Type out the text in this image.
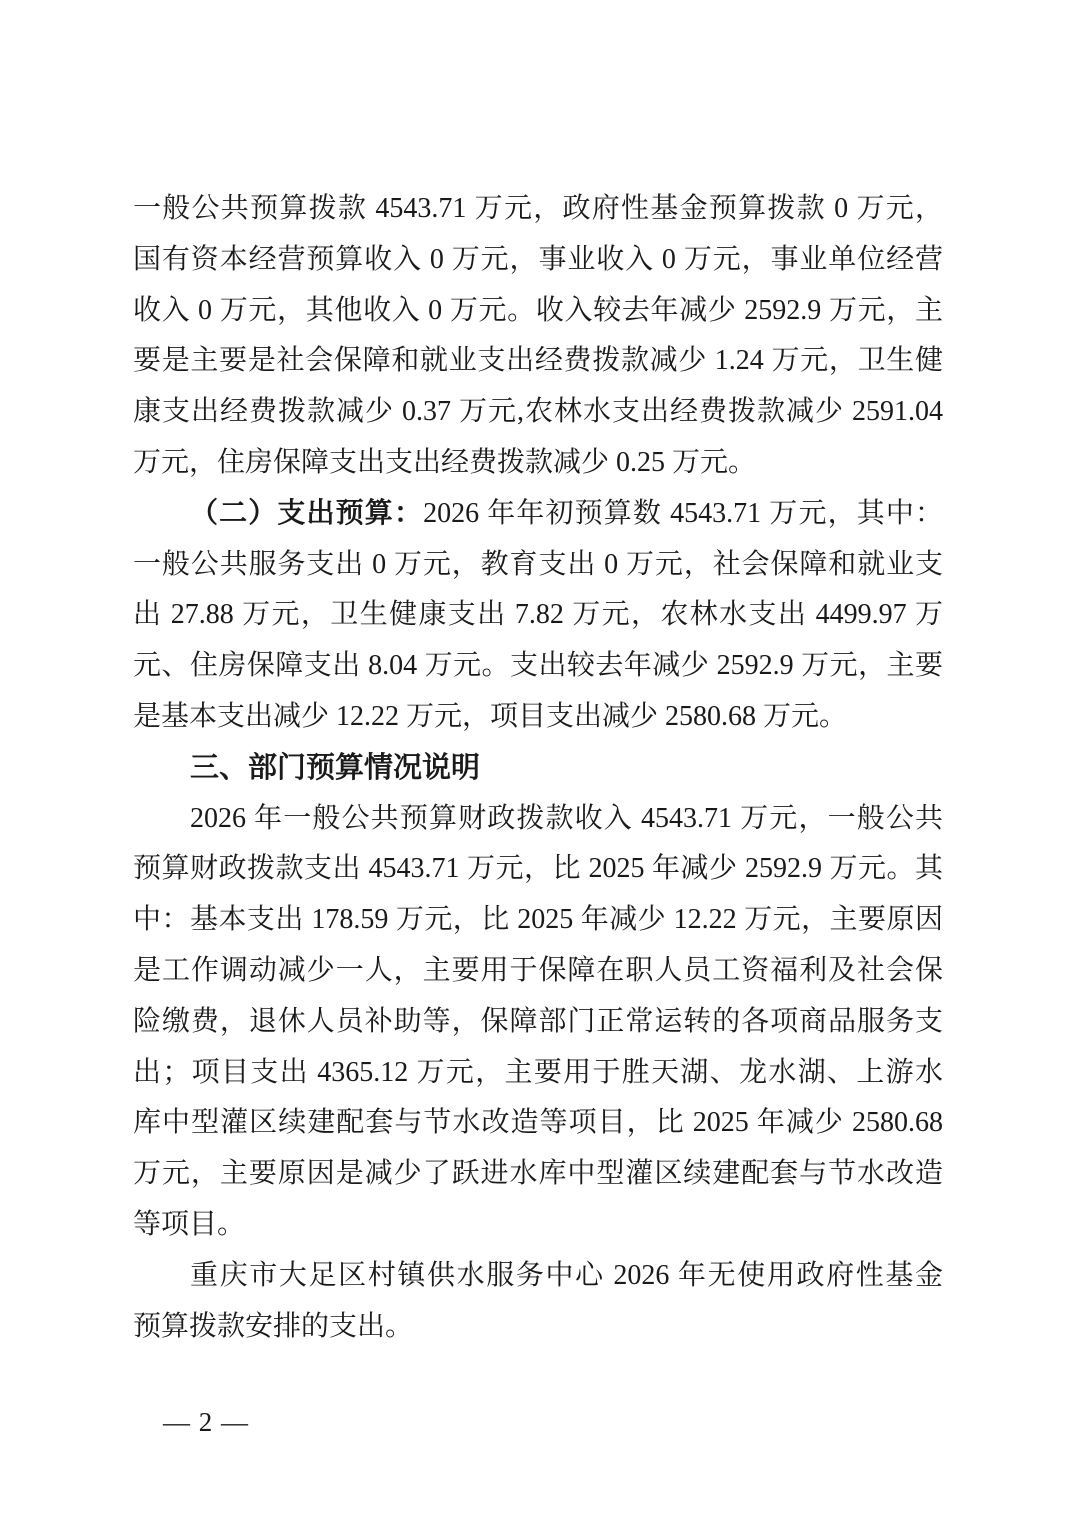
一般公共预算拨款 4543.71 万元，政府性基金预算拨款 0 万元，
国有资本经营预算收入 0 万元，事业收入 0 万元，事业单位经营
收入 0 万元，其他收入 0 万元。收入较去年减少 2592.9 万元，主
要是主要是社会保障和就业支出经费拨款减少 1.24 万元，卫生健
康支出经费拨款减少 0.37 万元,农林水支出经费拨款减少 2591.04
万元，住房保障支出支出经费拨款减少 0.25 万元。
（二）支出预算：2026 年年初预算数 4543.71 万元，其中：
一般公共服务支出 0 万元，教育支出 0 万元，社会保障和就业支
出 27.88 万元，卫生健康支出 7.82 万元，农林水支出 4499.97 万
元、住房保障支出 8.04 万元。支出较去年减少 2592.9 万元，主要
是基本支出减少 12.22 万元，项目支出减少 2580.68 万元。
三、部门预算情况说明
2026 年一般公共预算财政拨款收入 4543.71 万元，一般公共
预算财政拨款支出 4543.71 万元，比 2025 年减少 2592.9 万元。其
中：基本支出 178.59 万元，比 2025 年减少 12.22 万元，主要原因
是工作调动减少一人，主要用于保障在职人员工资福利及社会保
险缴费，退休人员补助等，保障部门正常运转的各项商品服务支
出；项目支出 4365.12 万元，主要用于胜天湖、龙水湖、上游水
库中型灌区续建配套与节水改造等项目，比 2025 年减少 2580.68
万元，主要原因是减少了跃进水库中型灌区续建配套与节水改造
等项目。
重庆市大足区村镇供水服务中心 2026 年无使用政府性基金
预算拨款安排的支出。
— 2 —
